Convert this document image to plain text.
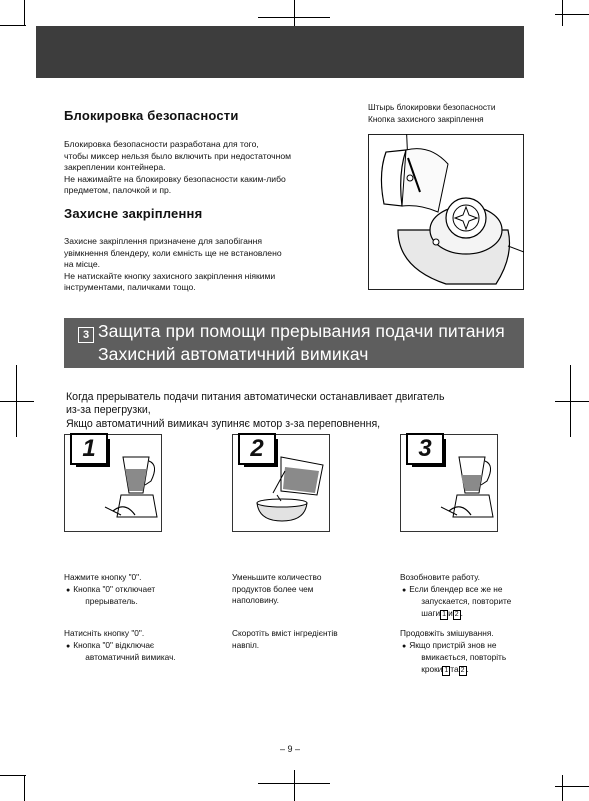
Блокировка безопасности

Блокировка безопасности разработана для того,
чтобы миксер нельзя было включить при недостаточном
закреплении контейнера.
Не нажимайте на блокировку безопасности каким-либо
предметом, палочкой и пр.

Захисне закріплення

Захисне закріплення призначене для запобігання
увімкнення блендеру, коли ємність ще не встановлено
на місце.
Не натискайте кнопку захисного закріплення ніякими
інструментами, паличками тощо.

Штырь блокировки безопасности
Кнопка захисного закріплення
3 Защита при помощи прерывания подачи питания
Захисний автоматичний вимикач

Когда прерыватель подачи питания автоматически останавливает двигатель
из-за перегрузки,
Якщо автоматичний вимикач зупиняє мотор з-за переповнення,

1	2	3

Нажмите кнопку "0".
● Кнопка "0" отключает
прерыватель.

Натисніть кнопку "0".
● Кнопка "0" відключає
автоматичний вимикач.

Уменьшите количество
продуктов более чем
наполовину.

Скоротіть вміст інгредієнтів
навпіл.

Возобновите работу.
● Если блендер все же не
запускается, повторите
шаги 1 и 2 .

Продовжіть змішування.
● Якщо пристрій знов не
вмикається, повторіть
кроки 1 та 2 .

– 9 –
